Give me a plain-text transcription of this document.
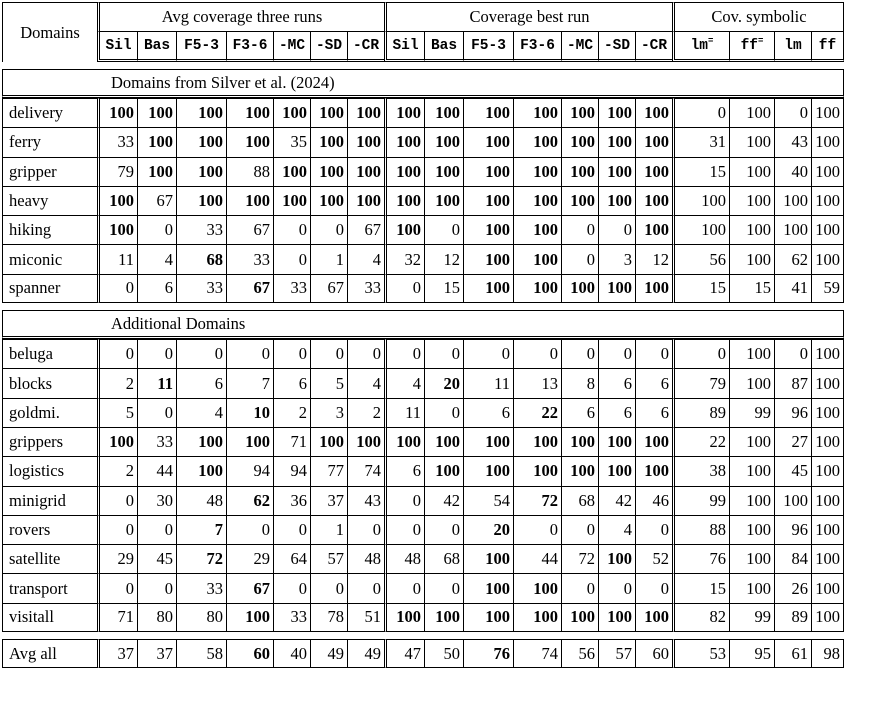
Domains	Avg coverage three runs							Coverage best run							Cov. symbolic			
	Sil	Bas	F5-3	F3-6	-MC	-SD	-CR	Sil	Bas	F5-3	F3-6	-MC	-SD	-CR	lm=	ff=	lm	ff

Domains from Silver et al. (2024)																		
delivery	100	100	100	100	100	100	100	100	100	100	100	100	100	100	0	100	0	100
ferry	33	100	100	100	35	100	100	100	100	100	100	100	100	100	31	100	43	100
gripper	79	100	100	88	100	100	100	100	100	100	100	100	100	100	15	100	40	100
heavy	100	67	100	100	100	100	100	100	100	100	100	100	100	100	100	100	100	100
hiking	100	0	33	67	0	0	67	100	0	100	100	0	0	100	100	100	100	100
miconic	11	4	68	33	0	1	4	32	12	100	100	0	3	12	56	100	62	100
spanner	0	6	33	67	33	67	33	0	15	100	100	100	100	100	15	15	41	59

Additional Domains																		
beluga	0	0	0	0	0	0	0	0	0	0	0	0	0	0	0	100	0	100
blocks	2	11	6	7	6	5	4	4	20	11	13	8	6	6	79	100	87	100
goldmi.	5	0	4	10	2	3	2	11	0	6	22	6	6	6	89	99	96	100
grippers	100	33	100	100	71	100	100	100	100	100	100	100	100	100	22	100	27	100
logistics	2	44	100	94	94	77	74	6	100	100	100	100	100	100	38	100	45	100
minigrid	0	30	48	62	36	37	43	0	42	54	72	68	42	46	99	100	100	100
rovers	0	0	7	0	0	1	0	0	0	20	0	0	4	0	88	100	96	100
satellite	29	45	72	29	64	57	48	48	68	100	44	72	100	52	76	100	84	100
transport	0	0	33	67	0	0	0	0	0	100	100	0	0	0	15	100	26	100
visitall	71	80	80	100	33	78	51	100	100	100	100	100	100	100	82	99	89	100

Avg all	37	37	58	60	40	49	49	47	50	76	74	56	57	60	53	95	61	98
